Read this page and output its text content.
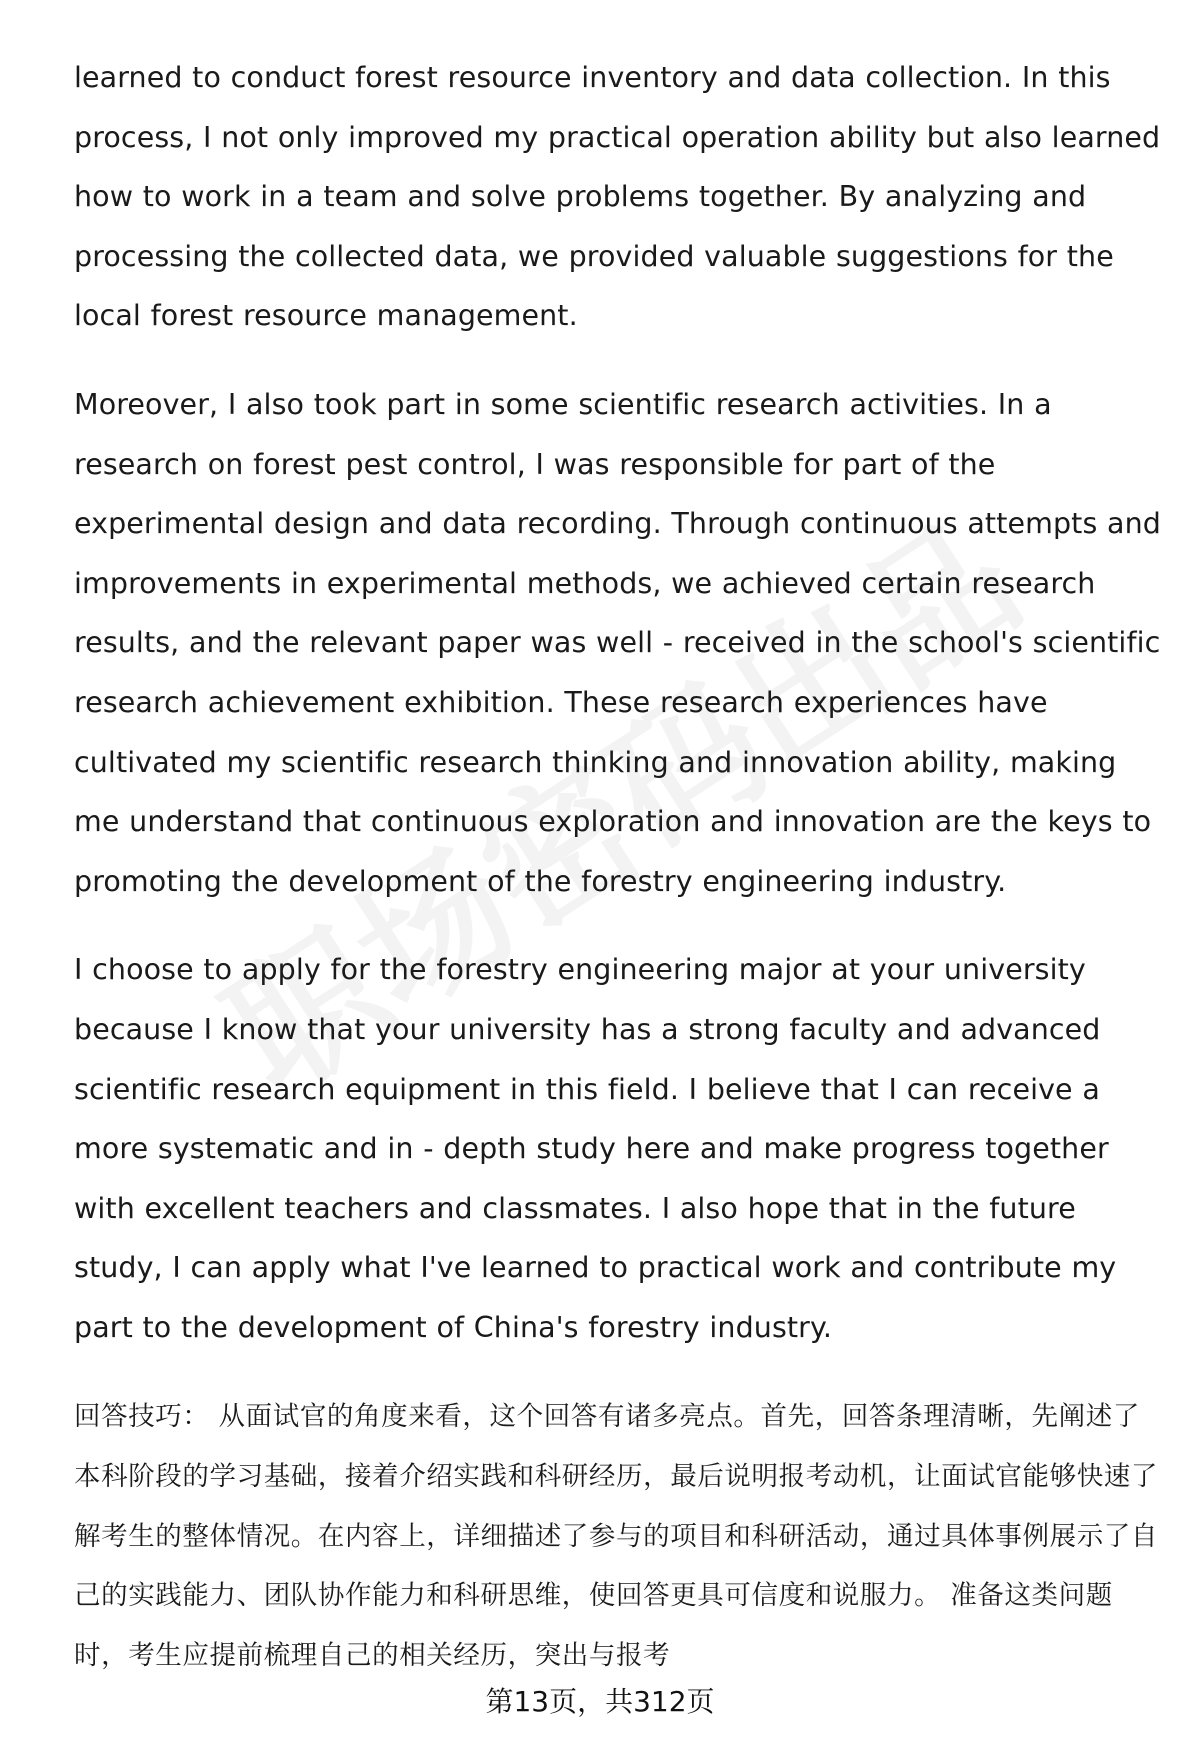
learned to conduct forest resource inventory and data collection. In this process, I not only improved my practical operation ability but also learned how to work in a team and solve problems together. By analyzing and processing the collected data, we provided valuable suggestions for the local forest resource management.

Moreover, I also took part in some scientific research activities. In a research on forest pest control, I was responsible for part of the experimental design and data recording. Through continuous attempts and improvements in experimental methods, we achieved certain research results, and the relevant paper was well - received in the school's scientific research achievement exhibition. These research experiences have cultivated my scientific research thinking and innovation ability, making me understand that continuous exploration and innovation are the keys to promoting the development of the forestry engineering industry.

I choose to apply for the forestry engineering major at your university because I know that your university has a strong faculty and advanced scientific research equipment in this field. I believe that I can receive a more systematic and in - depth study here and make progress together with excellent teachers and classmates. I also hope that in the future study, I can apply what I've learned to practical work and contribute my part to the development of China's forestry industry.

回答技巧： 从面试官的角度来看，这个回答有诸多亮点。首先，回答条理清晰，先阐述了本科阶段的学习基础，接着介绍实践和科研经历，最后说明报考动机，让面试官能够快速了解考生的整体情况。在内容上，详细描述了参与的项目和科研活动，通过具体事例展示了自己的实践能力、团队协作能力和科研思维，使回答更具可信度和说服力。 准备这类问题时，考生应提前梳理自己的相关经历，突出与报考

第13页，共312页
